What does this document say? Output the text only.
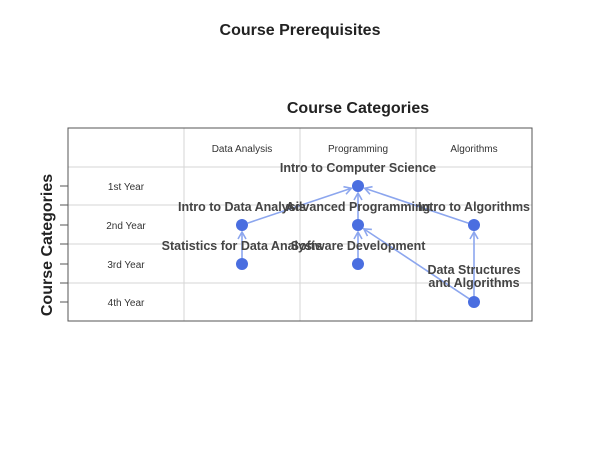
Course Prerequisites
Course Categories
Course Categories
Data Analysis	Programming	Algorithms
1st Year
2nd Year
3rd Year
4th Year
Intro to Computer Science
Intro to Data Analysis
Advanced Programming
Intro to Algorithms
Statistics for Data Analysis
Software Development
Data Structures and Algorithms
